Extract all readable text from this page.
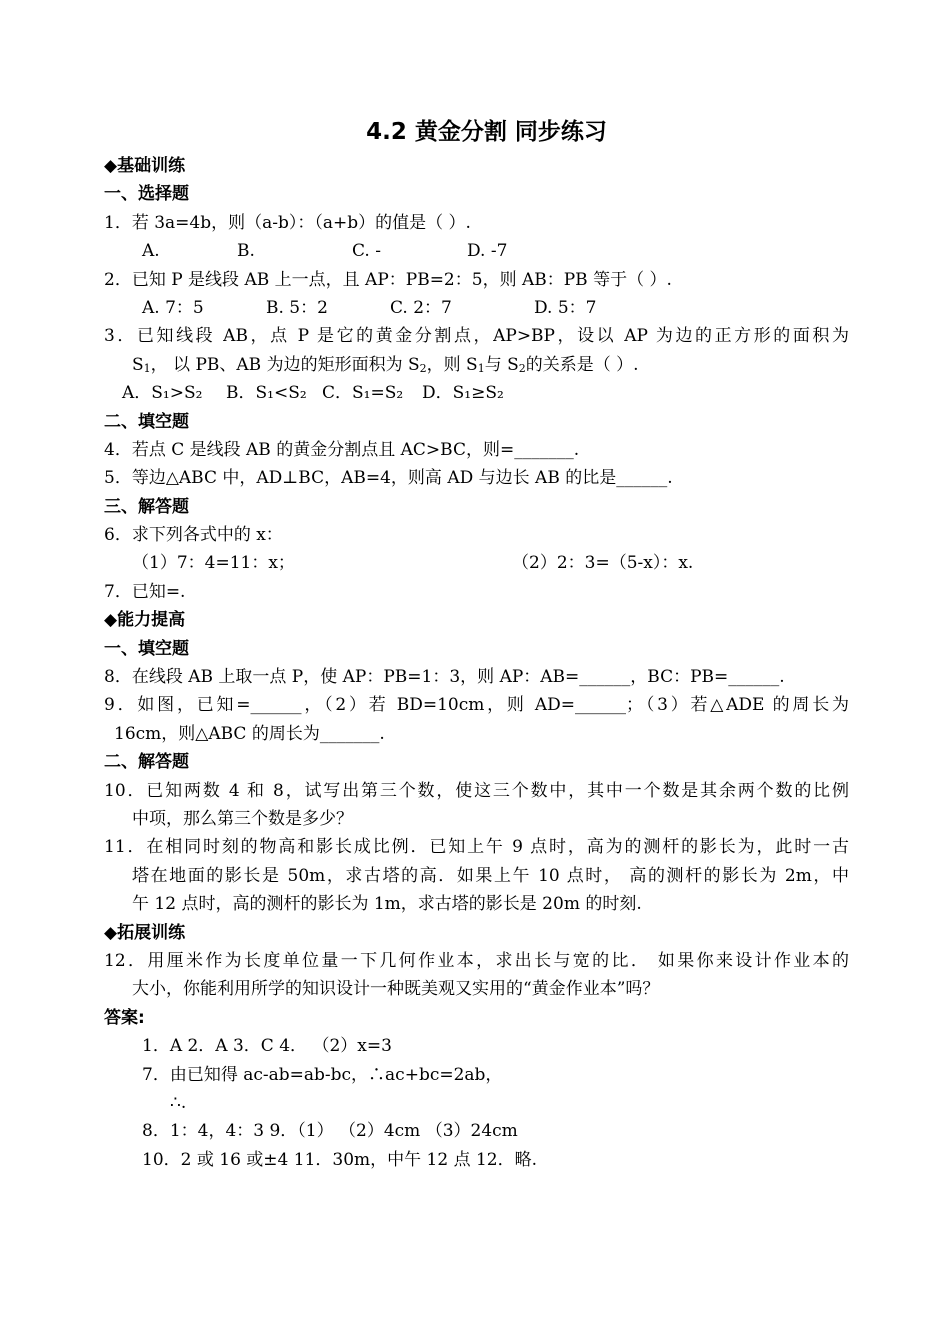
4.2 黄金分割 同步练习
◆基础训练
一、选择题
1．若 3a=4b，则（a-b）：（a+b）的值是（ ）.
A.	B.	C. -	D. -7
2．已知 P 是线段 AB 上一点，且 AP：PB=2：5，则 AB：PB 等于（ ）.
A. 7：5	B. 5：2	C. 2：7	D. 5：7
3．已知线段 AB，点 P 是它的黄金分割点，AP>BP，设以 AP 为边的正方形的面积为
$S_1$， 以 PB、AB 为边的矩形面积为 $S_2$，则 $S_1$与 $S_2$的关系是（ ）.
A．S₁>S₂ B．S₁<S₂ C．S₁=S₂ D．S₁≥S₂
二、填空题
4．若点 C 是线段 AB 的黄金分割点且 AC>BC，则=_______.
5．等边△ABC 中，AD⊥BC，AB=4，则高 AD 与边长 AB 的比是______.
三、解答题
6．求下列各式中的 x：
（1）7：4=11：x；	（2）2：3=（5-x）：x.
7．已知=.
◆能力提高
一、填空题
8．在线段 AB 上取一点 P，使 AP：PB=1：3，则 AP：AB=______，BC：PB=______.
9．如图，已知=______，（2）若 BD=10cm，则 AD=______；（3）若△ADE 的周长为
16cm，则△ABC 的周长为_______.
二、解答题
10．已知两数 4 和 8，试写出第三个数，使这三个数中，其中一个数是其余两个数的比例
中项，那么第三个数是多少？
11．在相同时刻的物高和影长成比例．已知上午 9 点时，高为的测杆的影长为，此时一古
塔在地面的影长是 50m，求古塔的高．如果上午 10 点时， 高的测杆的影长为 2m，中
午 12 点时，高的测杆的影长为 1m，求古塔的影长是 20m 的时刻.
◆拓展训练
12．用厘米作为长度单位量一下几何作业本，求出长与宽的比． 如果你来设计作业本的
大小，你能利用所学的知识设计一种既美观又实用的“黄金作业本”吗？
答案:
1．A 2．A 3．C 4． （2）x=3
7．由已知得 ac-ab=ab-bc，∴ac+bc=2ab，
∴.
8．1：4，4：3 9．（1） （2）4cm （3）24cm
10．2 或 16 或±4 11．30m，中午 12 点 12．略.
